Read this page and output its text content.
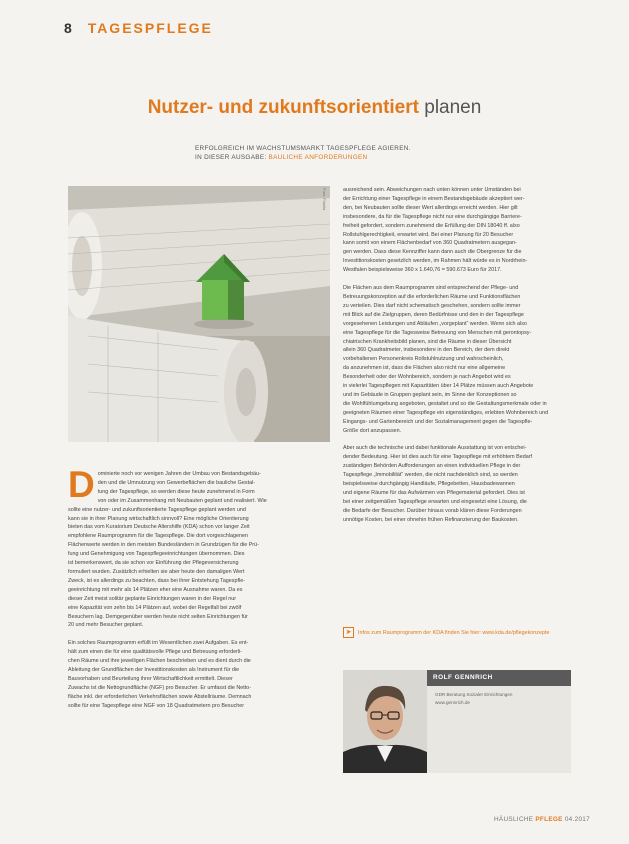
8 TAGESPFLEGE
Nutzer- und zukunftsorientiert planen
ERFOLGREICH IM WACHSTUMSMARKT TAGESPFLEGE AGIEREN.
IN DIESER AUSGABE: BAULICHE ANFORDERUNGEN
Foto: Fotolia

D ominierte noch vor wenigen Jahren der Umbau von Bestandsgebäu-
den und die Umnutzung von Gewerbeflächen die bauliche Gestal-
tung der Tagespflege, so werden diese heute zunehmend in Form
von oder im Zusammenhang mit Neubauten geplant und realisiert. Wie
sollte eine nutzer- und zukunftsorientierte Tagespflege geplant werden und
kann sie in ihrer Planung wirtschaftlich sinnvoll? Eine mögliche Orientierung
bieten das vom Kuratorium Deutsche Altershilfe (KDA) schon vor langer Zeit
empfohlene Raumprogramm für die Tagespflege. Die dort vorgeschlagenen
Flächenwerte werden in den meisten Bundesländern in Grundzügen für die Prü-
fung und Genehmigung von Tagespflegeeinrichtungen übernommen. Dies
ist bemerkenswert, da sie schon vor Einführung der Pflegeversicherung
formuliert wurden. Zusätzlich erhielten sie aber heute den damaligen Wert
Zweck, ist es allerdings zu beachten, dass bei ihrer Entstehung Tagespfle-
geeinrichtung mit mehr als 14 Plätzen eher eine Ausnahme waren. Da es
dieser Zeit meist solitär geplante Einrichtungen waren in der Regel nur
eine Kapazität von zehn bis 14 Plätzen auf, wobei der Regelfall bei zwölf
Besuchern lag. Demgegenüber werden heute nicht selten Einrichtungen für
20 und mehr Besucher geplant.

Ein solches Raumprogramm erfüllt im Wesentlichen zwei Aufgaben. Es ent-
hält zum einen die für eine qualitätsvolle Pflege und Betreuung erforderli-
chen Räume und ihre jeweiligen Flächen beschrieben und es dient durch die
Ableitung der Grundflächen der Investitionskosten als Instrument für die
Bauvorhaben und Beurteilung ihrer Wirtschaftlichkeit ermittelt. Dieser
Zuwachs ist die Nettogrundfläche (NGF) pro Besucher. Er umfasst die Netto-
fläche inkl. der erforderlichen Verkehrsflächen sowie Abstellräume. Demnach
sollte für eine Tagespflege eine NGF von 18 Quadratmetern pro Besucher

ausreichend sein. Abweichungen nach unten können unter Umständen bei
der Errichtung einer Tagespflege in einem Bestandsgebäude akzeptiert wer-
den, bei Neubauten sollte dieser Wert allerdings erreicht werden. Hier gilt
insbesondere, da für die Tagespflege nicht nur eine durchgängige Barriere-
freiheit gefordert, sondern zunehmend die Erfüllung der DIN 18040 ff. also
Rollstuhlgerechtigkeit, erwartet wird. Bei einer Planung für 20 Besucher
kann somit von einem Flächenbedarf von 360 Quadratmetern ausgegan-
gen werden. Dass diese Kennziffer kann dann auch die Obergrenze für die
Investitionskosten gesetzlich werden, im Rahmen hält würde es in Nordrhein-
Westfalen beispielsweise 360 x 1.640,76 = 590.673 Euro für 2017.

Die Flächen aus dem Raumprogramm sind entsprechend der Pflege- und
Betreuungskonzeption auf die erforderlichen Räume und Funktionsflächen
zu verteilen. Dies darf nicht schematisch geschehen, sondern sollte immer
mit Blick auf die Zielgruppen, deren Bedürfnisse und den in der Tagespflege
vorgesehenen Leistungen und Abläufen „vorgeplant“ werden. Wenn sich also
eine Tagespflege für die Tagesweise Betreuung von Menschen mit gerontopsy-
chiatrischen Krankheitsbild planen, sind die Räume in dieser Übersicht
allein 360 Quadratmeter, insbesondere in den Bereich, der dem direkt
vorbehaltenen Personenkreis Rollstuhlnutzung und wahrscheinlich,
da anzunehmen ist, dass die Flächen also nicht nur eine allgemeine
Besonderheit oder der Wohnbereich, sondern je nach Angebot wird es
in vielerlei Tagespflegen mit Kapazitäten über 14 Plätze müssen auch Angebote
und im Gebäude in Gruppen geplant sein, im Sinne der Konzeptionen so
die Wohlfühlumgebung angeboten, gestaltet und so die Gestaltungsmerkmale oder in
geeigneten Räumen einer Tagespflege ein eigenständiges, erlebten Wohnbereich und
Eingangs- und Gartenbereich und der Sozialmanagement gegen die Tagespfle-
Größe dort anzupassen.

Aber auch die technische und dabei funktionale Ausstattung ist von entschei-
dender Bedeutung. Hier ist dies auch für eine Tagespflege mit erhöhtem Bedarf
zuständigen Behörden Aufforderungen an einen individuellen Pflege in der
Tagespflege „Immobilität“ werden, die nicht nachdenklich sind, so werden
beispielsweise durchgängig Handläufe, Pflegebetten, Hausbadewannen
und eigene Räume für das Aufwärmen von Pflegematerial gefordert. Dies ist
bei einer zeitgemäßen Tagespflege erwarten und eingesetzt eine Lösung, die
die Bedarfe der Besucher. Darüber hinaus vorab klären diese Forderungen
unnötige Kosten, bei einer ohnehin frühen Refinanzierung der Baukosten.

➤	Infos zum Raumprogramm der KDA finden Sie hier: www.kda.de/pflegekonzepte
ROLF GENNRICH
GDR Beratung Sozialer Einrichtungen
www.gennrich.de
HÄUSLICHE PFLEGE 04.2017
